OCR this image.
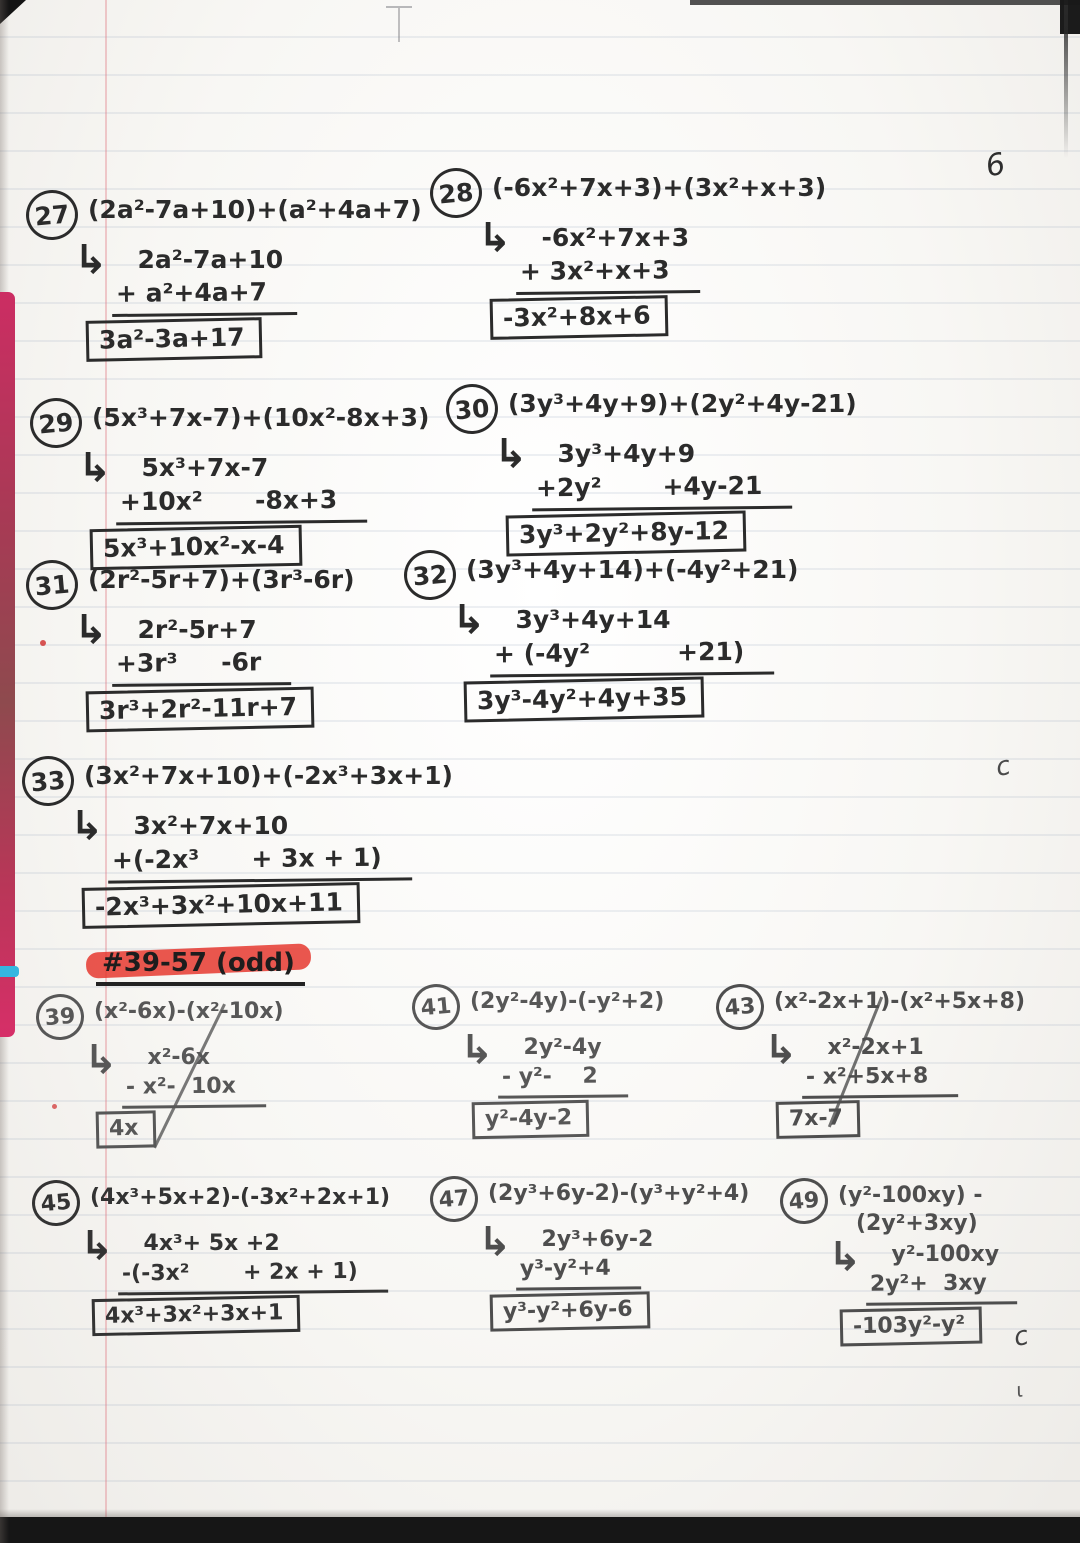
6
c
c
ι
#39-57 (odd)
27 (2a²-7a+10)+(a²+4a+7)
↳	2a²-7a+10
+ a²+4a+7
3a²-3a+17
28 (-6x²+7x+3)+(3x²+x+3)
↳	-6x²+7x+3
+ 3x²+x+3
-3x²+8x+6
29 (5x³+7x-7)+(10x²-8x+3)
↳	5x³+7x-7
+10x²      -8x+3
5x³+10x²-x-4
30 (3y³+4y+9)+(2y²+4y-21)
↳	3y³+4y+9
+2y²       +4y-21
3y³+2y²+8y-12
31 (2r²-5r+7)+(3r³-6r)
↳	2r²-5r+7
+3r³     -6r
3r³+2r²-11r+7
32 (3y³+4y+14)+(-4y²+21)
↳	3y³+4y+14
+ (-4y²          +21)
3y³-4y²+4y+35
33 (3x²+7x+10)+(-2x³+3x+1)
↳	3x²+7x+10
+(-2x³      + 3x + 1)
-2x³+3x²+10x+11
39 (x²-6x)-(x²-10x)
↳	x²-6x
- x²-  10x
4x
41 (2y²-4y)-(-y²+2)
↳	2y²-4y
- y²-    2
y²-4y-2
43 (x²-2x+1)-(x²+5x+8)
↳	x²-2x+1
- x²+5x+8
7x-7
45 (4x³+5x+2)-(-3x²+2x+1)
↳	4x³+ 5x +2
-(-3x²       + 2x + 1)
4x³+3x²+3x+1
47 (2y³+6y-2)-(y³+y²+4)
↳	2y³+6y-2
y³-y²+4
y³-y²+6y-6
49 (y²-100xy) -
(2y²+3xy)
↳	y²-100xy
2y²+  3xy
-103y²-y²
